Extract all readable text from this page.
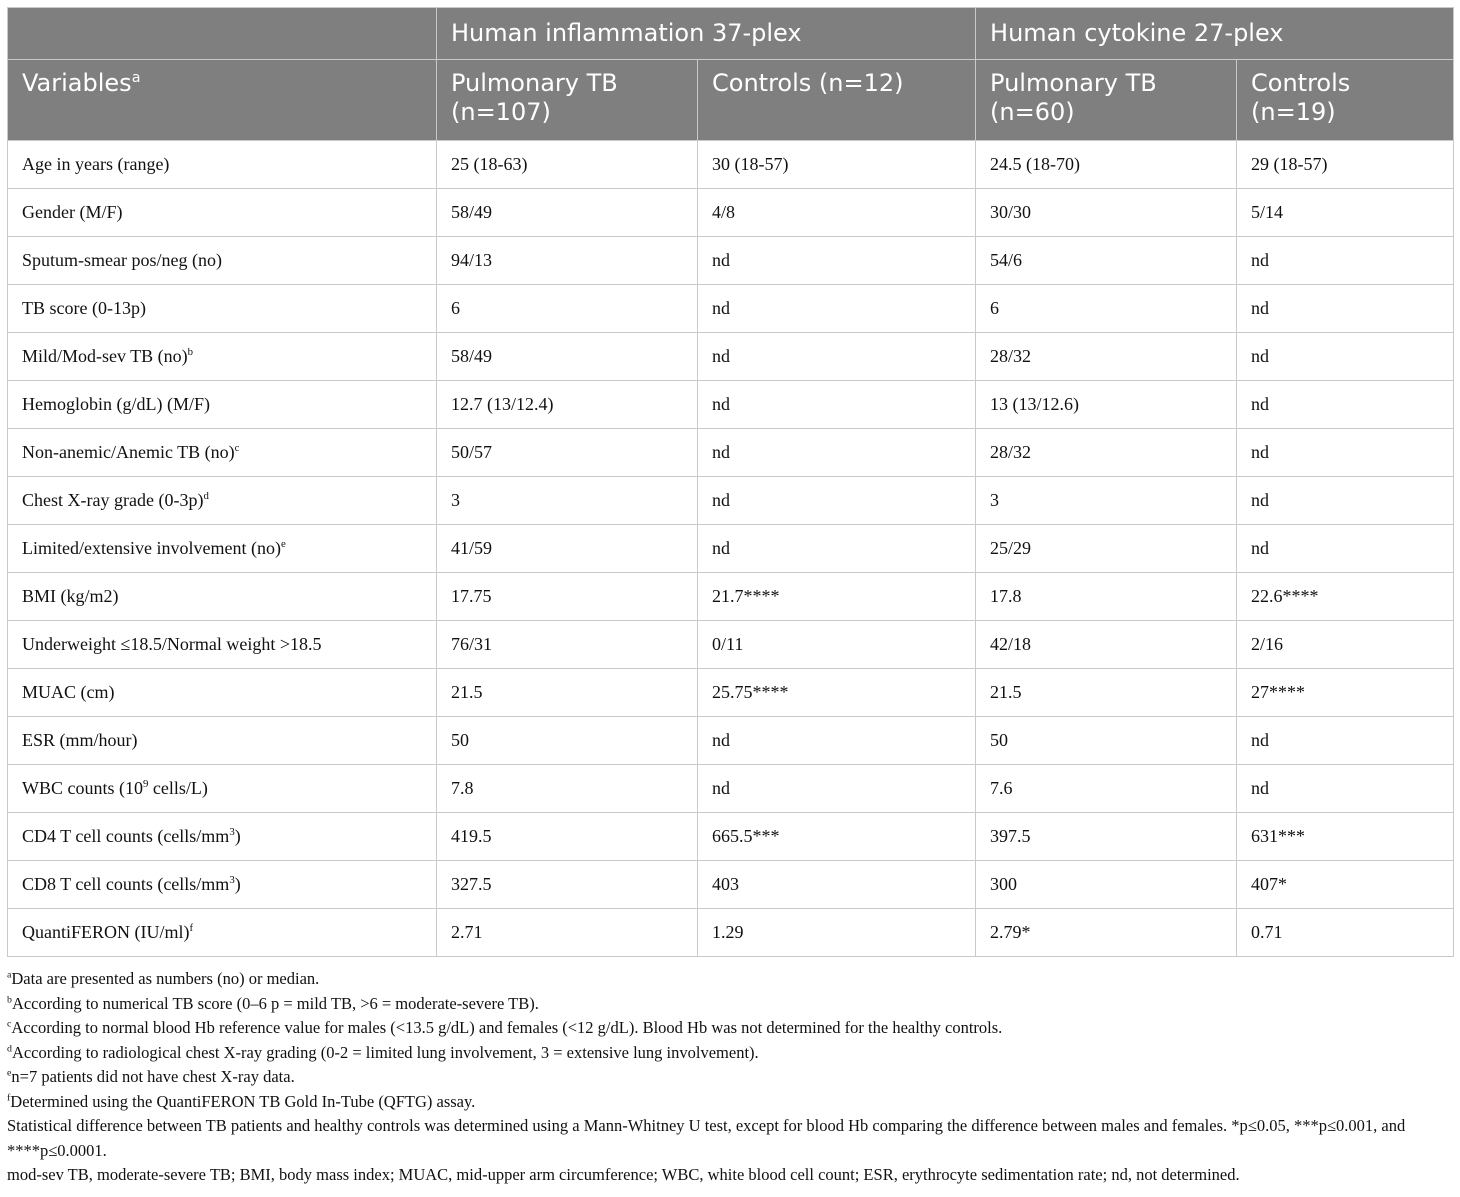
	Human inflammation 37-plex		Human cytokine 27-plex	
Variables$^a$	Pulmonary TB (n=107)	Controls (n=12)	Pulmonary TB (n=60)	Controls (n=19)
Age in years (range)	25 (18-63)	30 (18-57)	24.5 (18-70)	29 (18-57)
Gender (M/F)	58/49	4/8	30/30	5/14
Sputum-smear pos/neg (no)	94/13	nd	54/6	nd
TB score (0-13p)	6	nd	6	nd
Mild/Mod-sev TB (no)$^b$	58/49	nd	28/32	nd
Hemoglobin (g/dL) (M/F)	12.7 (13/12.4)	nd	13 (13/12.6)	nd
Non-anemic/Anemic TB (no)$^c$	50/57	nd	28/32	nd
Chest X-ray grade $(0-3p)^d$	3	nd	3	nd
Limited/extensive involvement (no)$^e$	41/59	nd	25/29	nd
BMI (kg/m2)	17.75	21.7****	17.8	22.6****
Underweight ≤18.5/Normal weight >18.5	76/31	0/11	42/18	2/16
MUAC (cm)	21.5	25.75****	21.5	27****
ESR (mm/hour)	50	nd	50	nd
WBC counts ($10^9$ cells/L)	7.8	nd	7.6	nd
CD4 T cell counts $(cells/mm^3)$	419.5	665.5***	397.5	631***
CD8 T cell counts $(cells/mm^3)$	327.5	403	300	407*
QuantiFERON $(IU/ml)^f$	2.71	1.29	2.79*	0.71

$^a$Data are presented as numbers (no) or median.

$^b$According to numerical TB score (0–6 p = mild TB, >6 = moderate-severe TB).

$^c$According to normal blood Hb reference value for males (<13.5 g/dL) and females (<12 g/dL). Blood Hb was not determined for the healthy controls.

$^d$According to radiological chest X-ray grading (0-2 = limited lung involvement, 3 = extensive lung involvement).

$^e$n=7 patients did not have chest X-ray data.

$^f$Determined using the QuantiFERON TB Gold In-Tube (QFTG) assay.

Statistical difference between TB patients and healthy controls was determined using a Mann-Whitney U test, except for blood Hb comparing the difference between males and females. *p≤0.05, ***p≤0.001, and ****p≤0.0001.

mod-sev TB, moderate-severe TB; BMI, body mass index; MUAC, mid-upper arm circumference; WBC, white blood cell count; ESR, erythrocyte sedimentation rate; nd, not determined.
